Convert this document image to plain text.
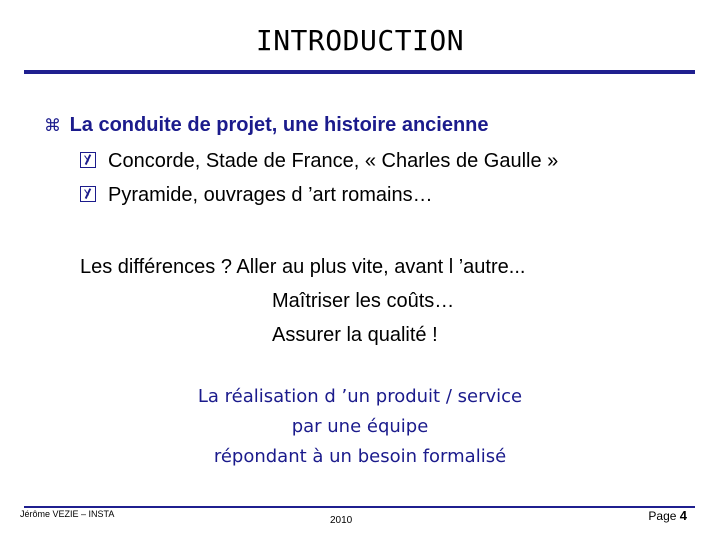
INTRODUCTION
⌘ La conduite de projet, une histoire ancienne
Concorde, Stade de France, « Charles de Gaulle »
Pyramide, ouvrages d ’art romains…
Les différences ? Aller au plus vite, avant l ’autre...
Maîtriser les coûts…
Assurer la qualité !
La réalisation d ’un produit / service
par une équipe
répondant à un besoin formalisé
Jérôme VEZIE – INSTA
2010	Page 4
